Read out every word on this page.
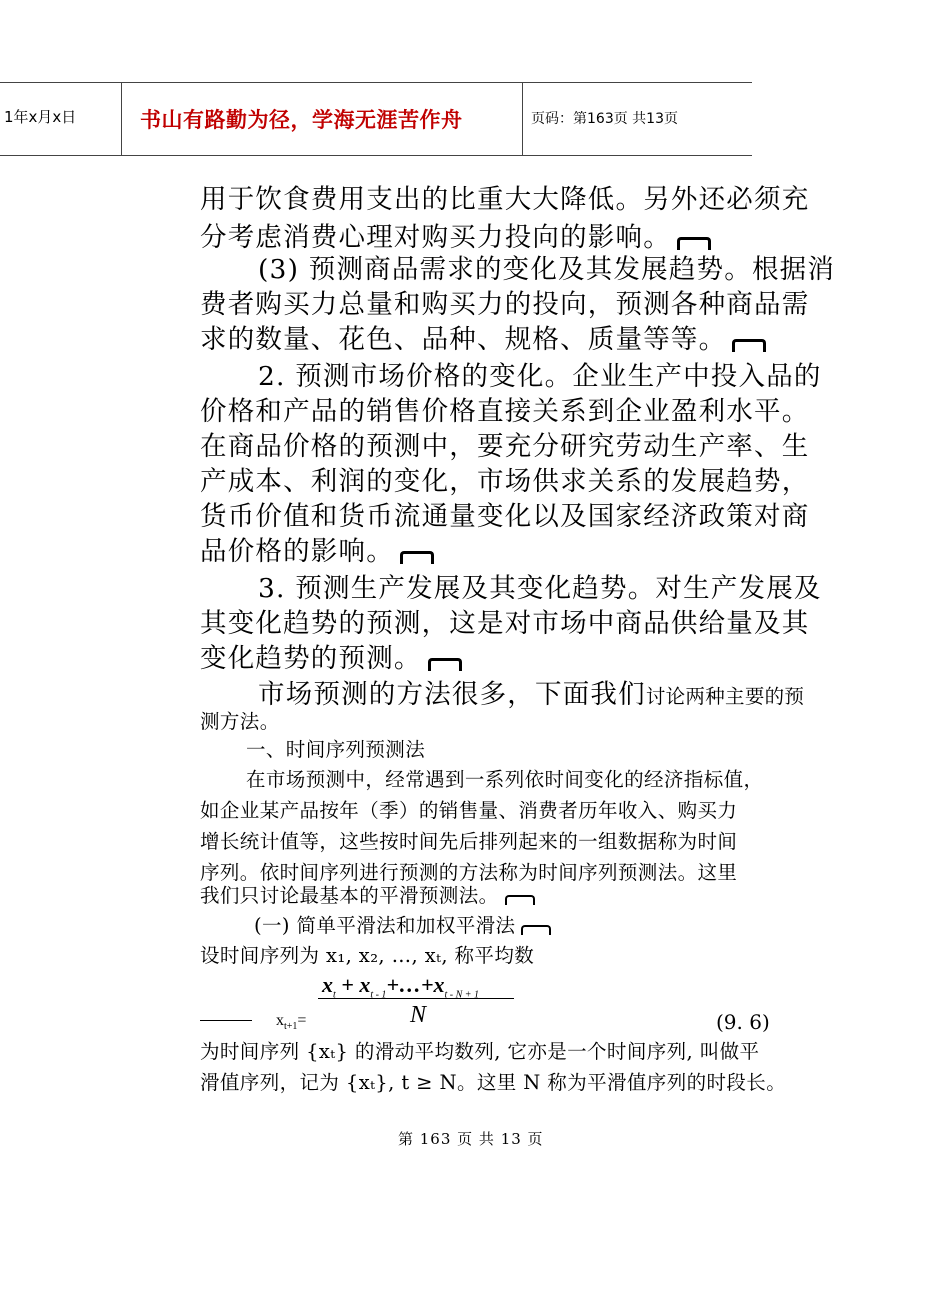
1年x月x日	书山有路勤为径，学海无涯苦作舟	页码：第163页 共13页
用于饮食费用支出的比重大大降低。另外还必须充
分考虑消费心理对购买力投向的影响。
(3) 预测商品需求的变化及其发展趋势。根据消
费者购买力总量和购买力的投向，预测各种商品需
求的数量、花色、品种、规格、质量等等。
2. 预测市场价格的变化。企业生产中投入品的
价格和产品的销售价格直接关系到企业盈利水平。
在商品价格的预测中，要充分研究劳动生产率、生
产成本、利润的变化，市场供求关系的发展趋势，
货币价值和货币流通量变化以及国家经济政策对商
品价格的影响。
3. 预测生产发展及其变化趋势。对生产发展及
其变化趋势的预测，这是对市场中商品供给量及其
变化趋势的预测。
市场预测的方法很多，下面我们讨论两种主要的预
测方法。
一、时间序列预测法
在市场预测中，经常遇到一系列依时间变化的经济指标值，
如企业某产品按年（季）的销售量、消费者历年收入、购买力
增长统计值等，这些按时间先后排列起来的一组数据称为时间
序列。依时间序列进行预测的方法称为时间序列预测法。这里
我们只讨论最基本的平滑预测法。
(一) 简单平滑法和加权平滑法
设时间序列为 x₁, x₂, …, xₜ, 称平均数
$x_t$ + $x_{t - 1}+\dots+x_{t - N + 1}$
N
$x_{t+1}=$	(9. 6)
为时间序列 {xₜ} 的滑动平均数列, 它亦是一个时间序列, 叫做平
滑值序列，记为 {xₜ}, t ≥ N。这里 N 称为平滑值序列的时段长。
第 163 页 共 13 页
